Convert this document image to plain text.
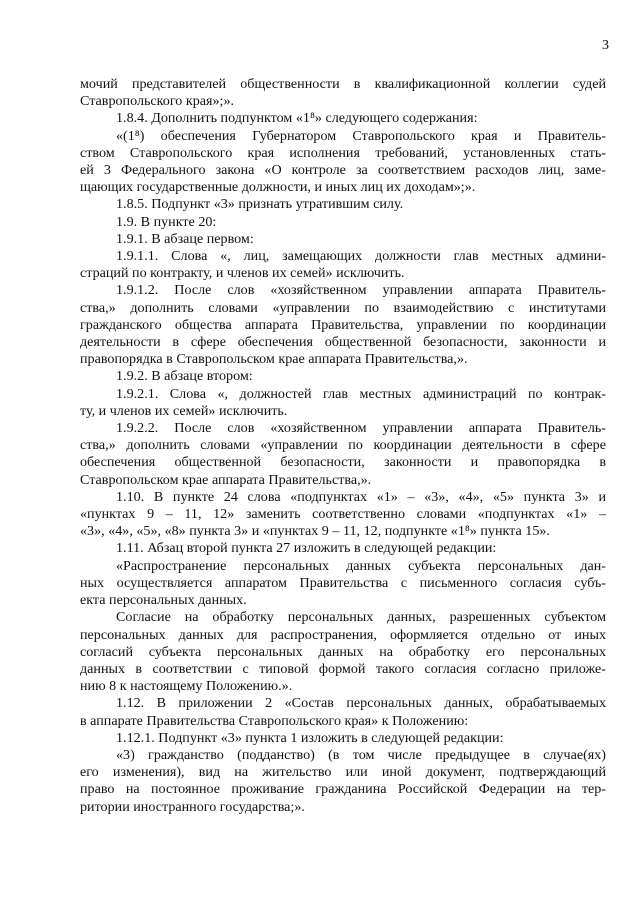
3
мочий представителей общественности в квалификационной коллегии судей
Ставропольского края»;».
1.8.4. Дополнить подпунктом «1⁸» следующего содержания:
«(1⁸) обеспечения Губернатором Ставропольского края и Правитель-
ством Ставропольского края исполнения требований, установленных стать-
ей 3 Федерального закона «О контроле за соответствием расходов лиц, заме-
щающих государственные должности, и иных лиц их доходам»;».
1.8.5. Подпункт «3» признать утратившим силу.
1.9. В пункте 20:
1.9.1. В абзаце первом:
1.9.1.1. Слова «, лиц, замещающих должности глав местных админи-
страций по контракту, и членов их семей» исключить.
1.9.1.2. После слов «хозяйственном управлении аппарата Правитель-
ства,» дополнить словами «управлении по взаимодействию с институтами
гражданского общества аппарата Правительства, управлении по координации
деятельности в сфере обеспечения общественной безопасности, законности и
правопорядка в Ставропольском крае аппарата Правительства,».
1.9.2. В абзаце втором:
1.9.2.1. Слова «, должностей глав местных администраций по контрак-
ту, и членов их семей» исключить.
1.9.2.2. После слов «хозяйственном управлении аппарата Правитель-
ства,» дополнить словами «управлении по координации деятельности в сфере
обеспечения общественной безопасности, законности и правопорядка в
Ставропольском крае аппарата Правительства,».
1.10. В пункте 24 слова «подпунктах «1» – «3», «4», «5» пункта 3» и
«пунктах 9 – 11, 12» заменить соответственно словами «подпунктах «1» –
«3», «4», «5», «8» пункта 3» и «пунктах 9 – 11, 12, подпункте «1⁸» пункта 15».
1.11. Абзац второй пункта 27 изложить в следующей редакции:
«Распространение персональных данных субъекта персональных дан-
ных осуществляется аппаратом Правительства с письменного согласия субъ-
екта персональных данных.
Согласие на обработку персональных данных, разрешенных субъектом
персональных данных для распространения, оформляется отдельно от иных
согласий субъекта персональных данных на обработку его персональных
данных в соответствии с типовой формой такого согласия согласно приложе-
нию 8 к настоящему Положению.».
1.12. В приложении 2 «Состав персональных данных, обрабатываемых
в аппарате Правительства Ставропольского края» к Положению:
1.12.1. Подпункт «3» пункта 1 изложить в следующей редакции:
«3) гражданство (подданство) (в том числе предыдущее в случае(ях)
его изменения), вид на жительство или иной документ, подтверждающий
право на постоянное проживание гражданина Российской Федерации на тер-
ритории иностранного государства;».
